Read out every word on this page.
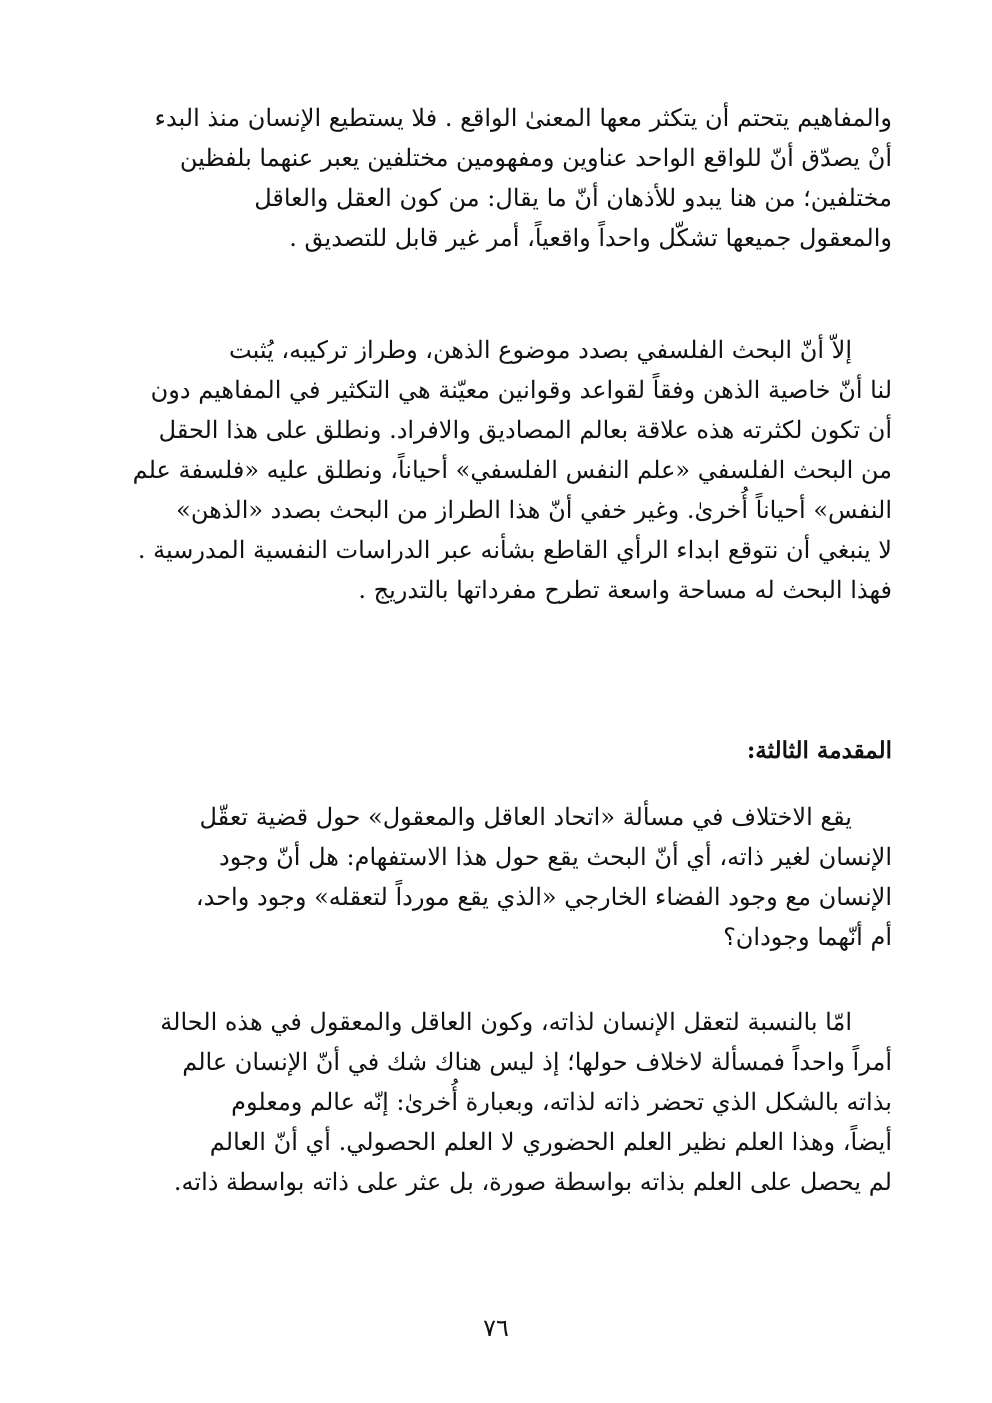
والمفاهيم يتحتم أن يتكثر معها المعنىٰ الواقع . فلا يستطيع الإنسان منذ البدء
أنْ يصدّق أنّ للواقع الواحد عناوين ومفهومين مختلفين يعبر عنهما بلفظين
مختلفين؛ من هنا يبدو للأذهان أنّ ما يقال: من كون العقل والعاقل
والمعقول جميعها تشكّل واحداً واقعياً، أمر غير قابل للتصديق .
إلاّ أنّ البحث الفلسفي بصدد موضوع الذهن، وطراز تركيبه، يُثبت
لنا أنّ خاصية الذهن وفقاً لقواعد وقوانين معيّنة هي التكثير في المفاهيم دون
أن تكون لكثرته هذه علاقة بعالم المصاديق والافراد. ونطلق على هذا الحقل
من البحث الفلسفي «علم النفس الفلسفي» أحياناً، ونطلق عليه «فلسفة علم
النفس» أحياناً أُخرىٰ. وغير خفي أنّ هذا الطراز من البحث بصدد «الذهن»
لا ينبغي أن نتوقع ابداء الرأي القاطع بشأنه عبر الدراسات النفسية المدرسية .
فهذا البحث له مساحة واسعة تطرح مفرداتها بالتدريج .
المقدمة الثالثة:
يقع الاختلاف في مسألة «اتحاد العاقل والمعقول» حول قضية تعقّل
الإنسان لغير ذاته، أي أنّ البحث يقع حول هذا الاستفهام: هل أنّ وجود
الإنسان مع وجود الفضاء الخارجي «الذي يقع مورداً لتعقله» وجود واحد،
أم أنّهما وجودان؟
امّا بالنسبة لتعقل الإنسان لذاته، وكون العاقل والمعقول في هذه الحالة
أمراً واحداً فمسألة لاخلاف حولها؛ إذ ليس هناك شك في أنّ الإنسان عالم
بذاته بالشكل الذي تحضر ذاته لذاته، وبعبارة أُخرىٰ: إنّه عالم ومعلوم
أيضاً، وهذا العلم نظير العلم الحضوري لا العلم الحصولي. أي أنّ العالم
لم يحصل على العلم بذاته بواسطة صورة، بل عثر على ذاته بواسطة ذاته.
٧٦
